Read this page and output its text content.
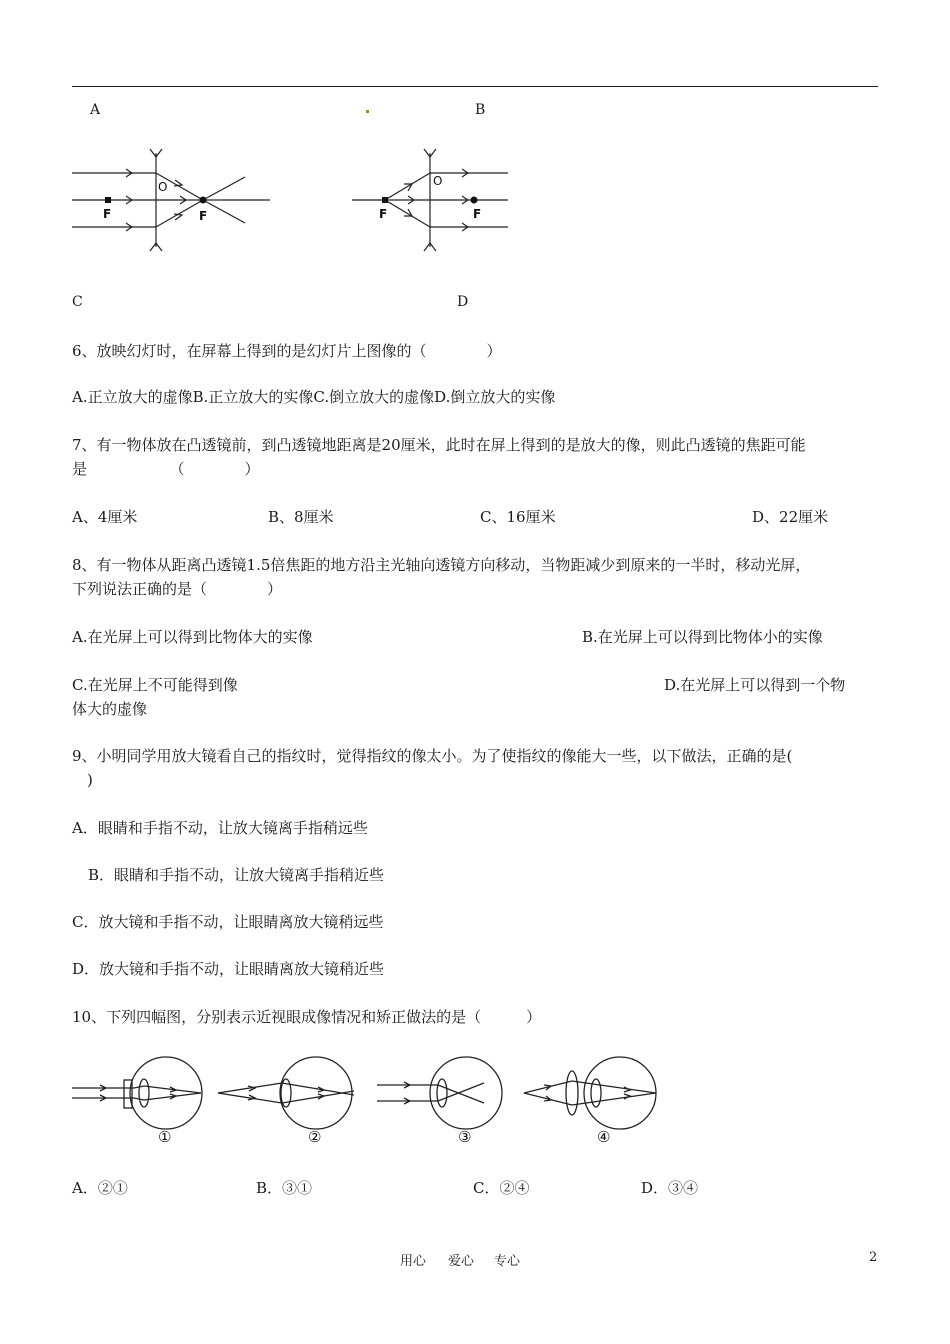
A	B
O
F	F
O
F	F
C	D
6、放映幻灯时，在屏幕上得到的是幻灯片上图像的（　　　　）
A.正立放大的虚像B.正立放大的实像C.倒立放大的虚像D.倒立放大的实像
7、有一物体放在凸透镜前，到凸透镜地距离是20厘米，此时在屏上得到的是放大的像，则此凸透镜的焦距可能
是　　　　　　（　　　　）
A、4厘米	B、8厘米	C、16厘米	D、22厘米
8、有一物体从距离凸透镜1.5倍焦距的地方沿主光轴向透镜方向移动，当物距减少到原来的一半时，移动光屏，
下列说法正确的是（　　　　）
A.在光屏上可以得到比物体大的实像	B.在光屏上可以得到比物体小的实像
C.在光屏上不可能得到像	D.在光屏上可以得到一个物
体大的虚像
9、小明同学用放大镜看自己的指纹时，觉得指纹的像太小。为了使指纹的像能大一些，以下做法，正确的是(
　)
A．眼睛和手指不动，让放大镜离手指稍远些
B．眼睛和手指不动，让放大镜离手指稍近些
C．放大镜和手指不动，让眼睛离放大镜稍远些
D．放大镜和手指不动，让眼睛离放大镜稍近些
10、下列四幅图，分别表示近视眼成像情况和矫正做法的是（　　　）
①	②	③	④
A．②①	B．③①	C．②④	D．③④
用心 爱心 专心	2
